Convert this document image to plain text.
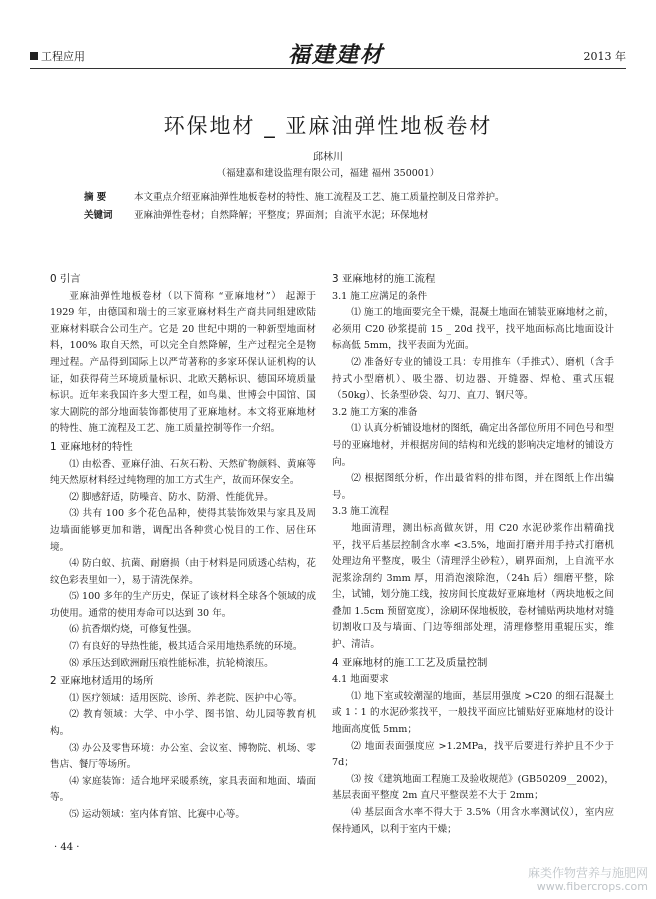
工程应用	福建建材	2013 年
环保地材 _ 亚麻油弹性地板卷材
邱林川
（福建嘉和建设监理有限公司，福建 福州 350001）
摘 要	本文重点介绍亚麻油弹性地板卷材的特性、施工流程及工艺、施工质量控制及日常养护。
关键词 亚麻油弹性卷材；自然降解；平整度；界面剂；自流平水泥；环保地材

0 引言

亚麻油弹性地板卷材（以下简称 “亚麻地材”） 起源于1929 年，由德国和瑞士的三家亚麻材料生产商共同组建欧陆亚麻材料联合公司生产。它是 20 世纪中期的一种新型地面材料，100% 取自天然，可以完全自然降解，生产过程完全是物理过程。产品得到国际上以严苛著称的多家环保认证机构的认证，如获得荷兰环境质量标识、北欧天鹅标识、德国环境质量标识。近年来我国许多大型工程，如鸟巢、世博会中国馆、国家大剧院的部分地面装饰都使用了亚麻地材。本文将亚麻地材的特性、施工流程及工艺、施工质量控制等作一介绍。

1 亚麻地材的特性

⑴ 由松香、亚麻仔油、石灰石粉、天然矿物颜料、黄麻等纯天然原材料经过纯物理的加工方式生产，故而环保安全。

⑵ 脚感舒适，防噪音、防水、防滑、性能优异。

⑶ 共有 100 多个花色品种，使得其装饰效果与家具及周边墙面能够更加和谐，调配出各种赏心悦目的工作、居住环境。

⑷ 防白蚁、抗菌、耐磨损（由于材料是同质透心结构，花纹色彩表里如一），易于清洗保养。

⑸ 100 多年的生产历史，保证了该材料全球各个领域的成功使用。通常的使用寿命可以达到 30 年。

⑹ 抗香烟灼烧，可修复性强。

⑺ 有良好的导热性能，极其适合采用地热系统的环境。

⑻ 承压达到欧洲耐压痕性能标准，抗轮椅滚压。

2 亚麻地材适用的场所

⑴ 医疗领域：适用医院、诊所、养老院、医护中心等。

⑵ 教育领域：大学、中小学、图书馆、幼儿园等教育机构。

⑶ 办公及零售环境：办公室、会议室、博物院、机场、零售店、餐厅等场所。

⑷ 家庭装饰：适合地坪采暖系统，家具表面和地面、墙面等。

⑸ 运动领域：室内体育馆、比赛中心等。

3 亚麻地材的施工流程

3.1 施工应满足的条件

⑴ 施工的地面要完全干燥，混凝土地面在铺装亚麻地材之前，必须用 C20 砂浆提前 15 _ 20d 找平，找平地面标高比地面设计标高低 5mm，找平表面为光面。

⑵ 准备好专业的铺设工具：专用推车（手推式）、磨机（含手持式小型磨机）、吸尘器、切边器、开缝器、焊枪、重式压辊（50kg）、长条型砂袋、勾刀、直刀、钢尺等。

3.2 施工方案的准备

⑴ 认真分析铺设地材的图纸，确定出各部位所用不同色号和型号的亚麻地材，并根据房间的结构和光线的影响决定地材的铺设方向。

⑵ 根据图纸分析，作出最省料的排布图，并在图纸上作出编号。

3.3 施工流程

地面清理，测出标高做灰饼，用 C20 水泥砂浆作出精确找平，找平后基层控制含水率 <3.5%，地面打磨并用手持式打磨机处理边角平整度，吸尘（清理浮尘砂粒），刷界面剂，上自流平水泥浆涂刮约 3mm 厚，用消泡滚除泡，（24h 后）细磨平整，除尘，试铺，划分施工线，按房间长度裁好亚麻地材（两块地板之间叠加 1.5cm 预留宽度），涂刷环保地板胶，卷材铺贴两块地材对缝切割收口及与墙面、门边等细部处理，清理修整用重辊压实，维护、清洁。

4 亚麻地材的施工工艺及质量控制

4.1 地面要求

⑴ 地下室或较潮湿的地面，基层用强度 >C20 的细石混凝土或 1∶1 的水泥砂浆找平，一般找平面应比铺贴好亚麻地材的设计地面高度低 5mm；

⑵ 地面表面强度应 >1.2MPa，找平后要进行养护且不少于 7d；

⑶ 按《建筑地面工程施工及验收规范》(GB50209__2002)，基层表面平整度 2m 直尺平整误差不大于 2mm；

⑷ 基层面含水率不得大于 3.5%（用含水率测试仪），室内应保持通风，以利于室内干燥；

· 44 ·
麻类作物营养与施肥网
www.fibercrops.com
